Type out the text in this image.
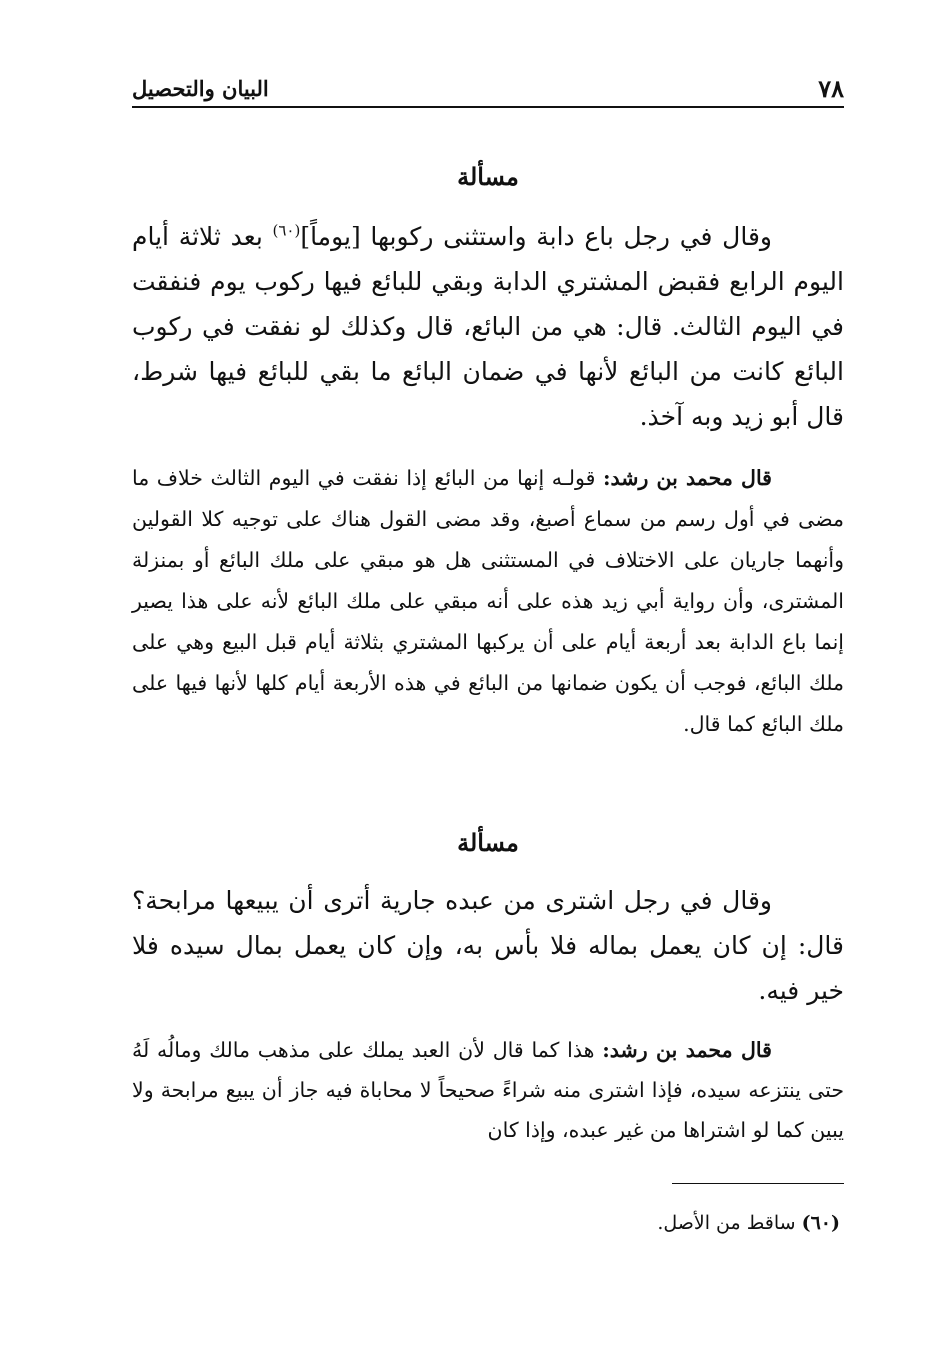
٧٨
البيان والتحصيل
مسألة

وقال في رجل باع دابة واستثنى ركوبها [يوماً]$^{(٦٠)}$ بعد ثلاثة أيام اليوم الرابع فقبض المشتري الدابة وبقي للبائع فيها ركوب يوم فنفقت في اليوم الثالث. قال: هي من البائع، قال وكذلك لو نفقت في ركوب البائع كانت من البائع لأنها في ضمان البائع ما بقي للبائع فيها شرط، قال أبو زيد وبه آخذ.

قال محمد بن رشد: قولـه إنها من البائع إذا نفقت في اليوم الثالث خلاف ما مضى في أول رسم من سماع أصبغ، وقد مضى القول هناك على توجيه كلا القولين وأنهما جاريان على الاختلاف في المستثنى هل هو مبقي على ملك البائع أو بمنزلة المشترى، وأن رواية أبي زيد هذه على أنه مبقي على ملك البائع لأنه على هذا يصير إنما باع الدابة بعد أربعة أيام على أن يركبها المشتري بثلاثة أيام قبل البيع وهي على ملك البائع، فوجب أن يكون ضمانها من البائع في هذه الأربعة أيام كلها لأنها فيها على ملك البائع كما قال.

مسألة

وقال في رجل اشترى من عبده جارية أترى أن يبيعها مرابحة؟ قال: إن كان يعمل بماله فلا بأس به، وإن كان يعمل بمال سيده فلا خير فيه.

قال محمد بن رشد: هذا كما قال لأن العبد يملك على مذهب مالك ومالُه لَهُ حتى ينتزعه سيده، فإذا اشترى منه شراءً صحيحاً لا محاباة فيه جاز أن يبيع مرابحة ولا يبين كما لو اشتراها من غير عبده، وإذا كان

(٦٠) ساقط من الأصل.
